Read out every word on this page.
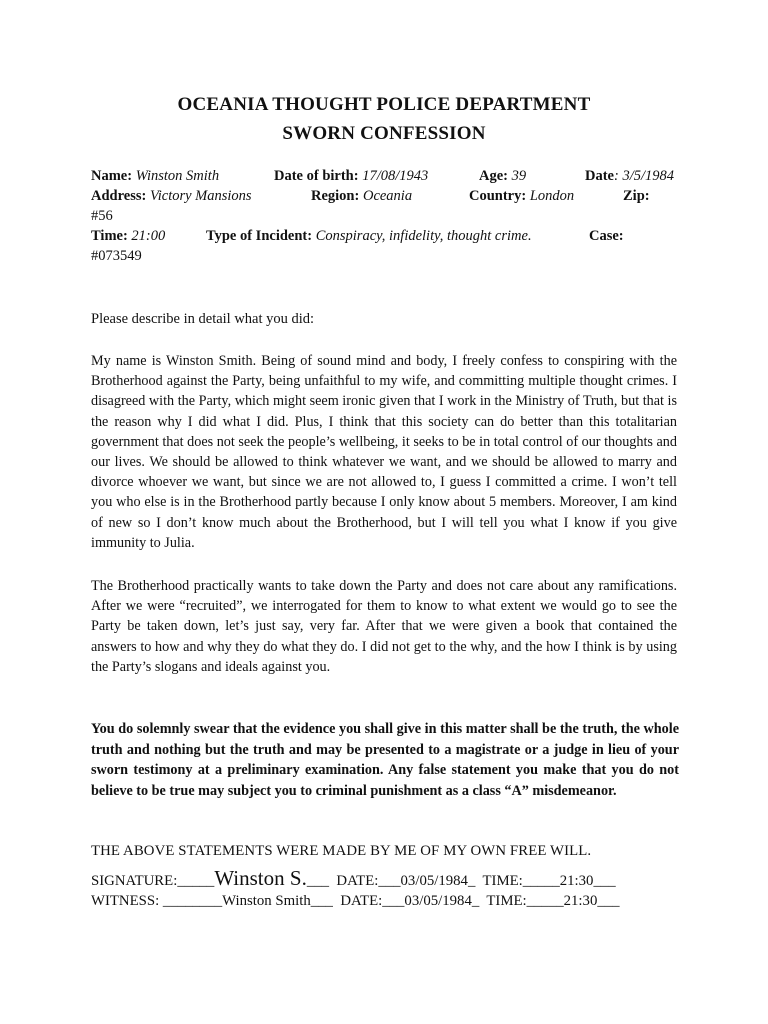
OCEANIA THOUGHT POLICE DEPARTMENT
SWORN CONFESSION
Name: Winston Smith	Date of birth: 17/08/1943	Age: 39	Date: 3/5/1984
Address: Victory Mansions	Region: Oceania	Country: London	Zip:
#56
Time: 21:00	Type of Incident: Conspiracy, infidelity, thought crime.	Case:
#073549
Please describe in detail what you did:
My name is Winston Smith. Being of sound mind and body, I freely confess to conspiring with the Brotherhood against the Party, being unfaithful to my wife, and committing multiple thought crimes. I disagreed with the Party, which might seem ironic given that I work in the Ministry of Truth, but that is the reason why I did what I did. Plus, I think that this society can do better than this totalitarian government that does not seek the people’s wellbeing, it seeks to be in total control of our thoughts and our lives. We should be allowed to think whatever we want, and we should be allowed to marry and divorce whoever we want, but since we are not allowed to, I guess I committed a crime. I won’t tell you who else is in the Brotherhood partly because I only know about 5 members. Moreover, I am kind of new so I don’t know much about the Brotherhood, but I will tell you what I know if you give immunity to Julia.
The Brotherhood practically wants to take down the Party and does not care about any ramifications. After we were “recruited”, we interrogated for them to know to what extent we would go to see the Party be taken down, let’s just say, very far. After that we were given a book that contained the answers to how and why they do what they do. I did not get to the why, and the how I think is by using the Party’s slogans and ideals against you.
You do solemnly swear that the evidence you shall give in this matter shall be the truth, the whole truth and nothing but the truth and may be presented to a magistrate or a judge in lieu of your sworn testimony at a preliminary examination. Any false statement you make that you do not believe to be true may subject you to criminal punishment as a class “A” misdemeanor.
THE ABOVE STATEMENTS WERE MADE BY ME OF MY OWN FREE WILL.
SIGNATURE:_____Winston S.___  DATE:___03/05/1984_  TIME:_____21:30___
WITNESS: ________Winston Smith___  DATE:___03/05/1984_  TIME:_____21:30___
